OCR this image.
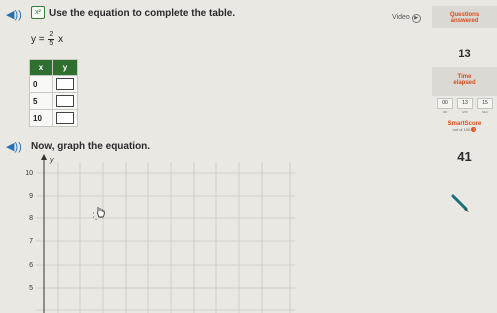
◀))	x² Use the equation to complete the table.
$y = \frac{2}{5}$ x
x	y
0	
5	
10	
◀)) Now, graph the equation.
y
10
9
8
7
6
5
Video ▶	Questions
answered
13
Time
elapsed
00
HR
13
MIN
15
SEC
SmartScore
out of 100 ?
41
